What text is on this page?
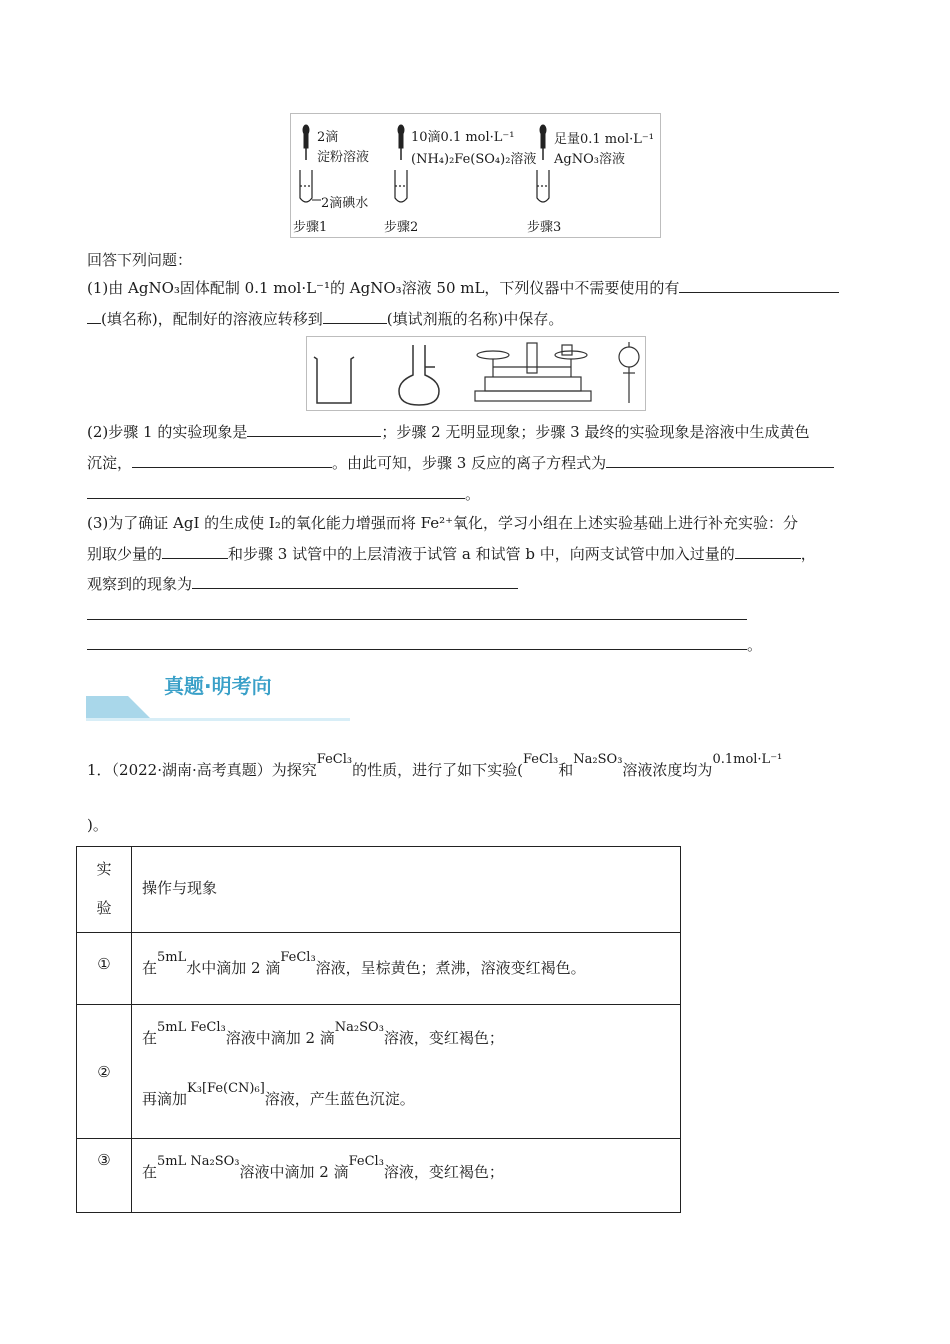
2滴
淀粉溶液
2滴碘水
10滴0.1 mol·L⁻¹
(NH₄)₂Fe(SO₄)₂溶液
足量0.1 mol·L⁻¹
AgNO₃溶液
步骤1	步骤2	步骤3
回答下列问题：
(1)由 AgNO₃固体配制 0.1 mol·L⁻¹的 AgNO₃溶液 50 mL，下列仪器中不需要使用的有
(填名称)，配制好的溶液应转移到	(填试剂瓶的名称)中保存。
(2)步骤 1 的实验现象是	；步骤 2 无明显现象；步骤 3 最终的实验现象是溶液中生成黄色
沉淀，	。由此可知，步骤 3 反应的离子方程式为
。
(3)为了确证 AgI 的生成使 I₂的氧化能力增强而将 Fe²⁺氧化，学习小组在上述实验基础上进行补充实验：分
别取少量的	和步骤 3 试管中的上层清液于试管 a 和试管 b 中，向两支试管中加入过量的	，
观察到的现象为
。
真题·明考向
1．（2022·湖南·高考真题）为探究FeCl₃的性质，进行了如下实验(FeCl₃和Na₂SO₃溶液浓度均为0.1mol·L⁻¹
)。
实
验	操作与现象
①	在5mL水中滴加 2 滴FeCl₃溶液，呈棕黄色；煮沸，溶液变红褐色。
②	在5mL FeCl₃溶液中滴加 2 滴Na₂SO₃溶液，变红褐色；
再滴加K₃[Fe(CN)₆]溶液，产生蓝色沉淀。

③	在5mL Na₂SO₃溶液中滴加 2 滴FeCl₃溶液，变红褐色；
